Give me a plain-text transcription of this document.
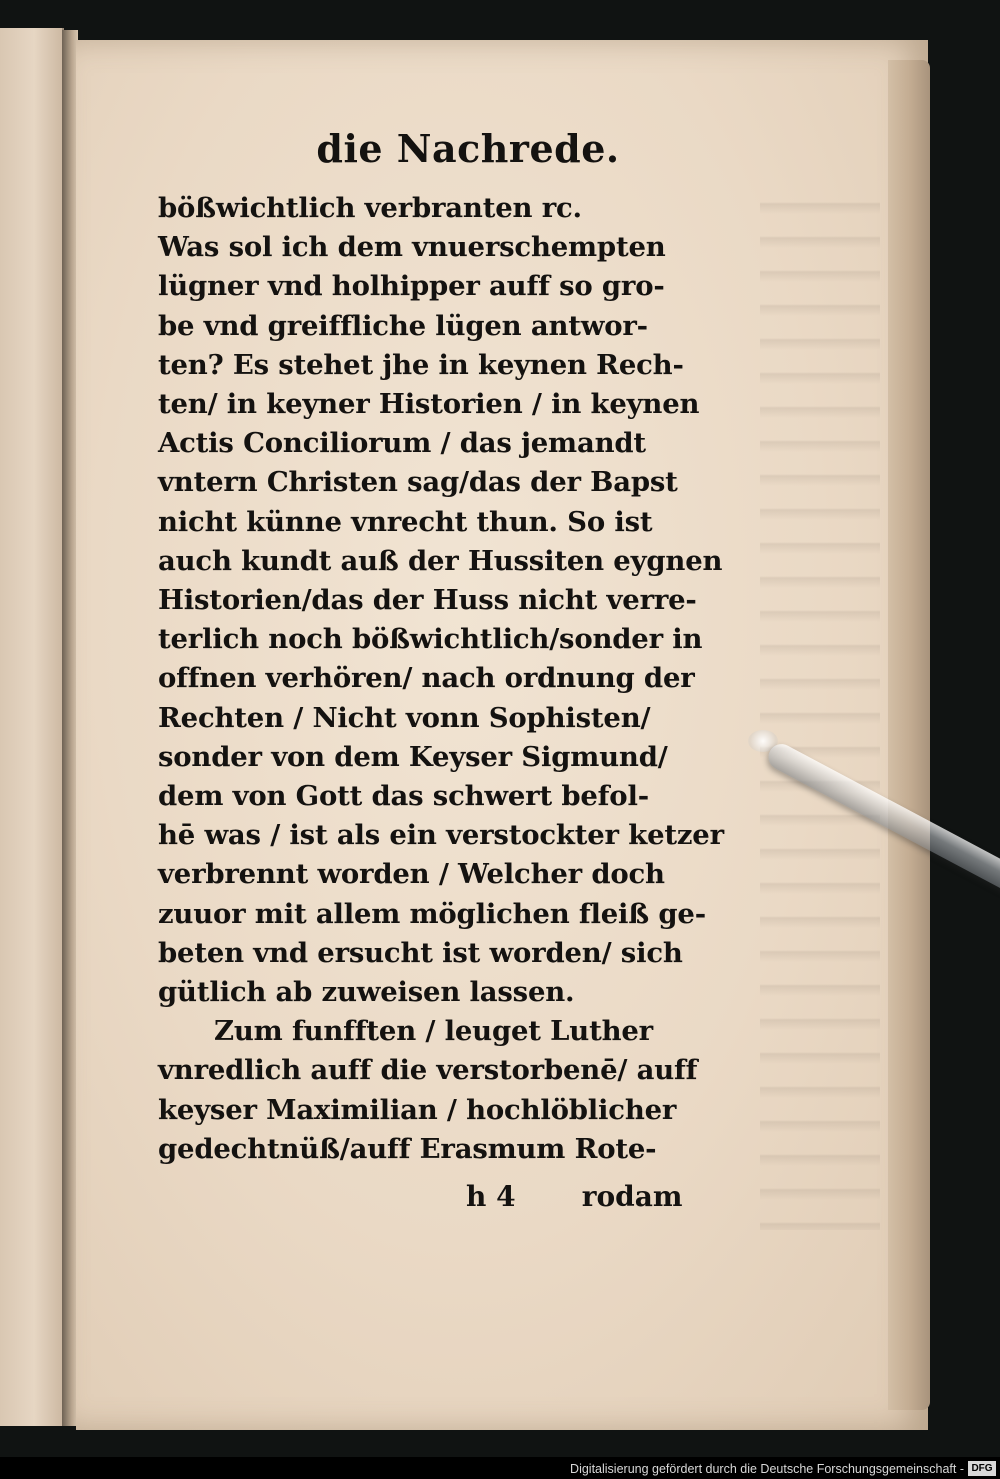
die Nachrede.
bößwichtlich verbranten rc.
Was sol ich dem vnuerschempten
lügner vnd holhipper auff so gro-
be vnd greiffliche lügen antwor-
ten? Es stehet jhe in keynen Rech-
ten/ in keyner Historien / in keynen
Actis Conciliorum / das jemandt
vntern Christen sag/das der Bapst
nicht künne vnrecht thun. So ist
auch kundt auß der Hussiten eygnen
Historien/das der Huss nicht verre-
terlich noch bößwichtlich/sonder in
offnen verhören/ nach ordnung der
Rechten / Nicht vonn Sophisten/
sonder von dem Keyser Sigmund/
dem von Gott das schwert befol-
hē was / ist als ein verstockter ketzer
verbrennt worden / Welcher doch
zuuor mit allem möglichen fleiß ge-
beten vnd ersucht ist worden/ sich
gütlich ab zuweisen lassen.
Zum funfften / leuget Luther
vnredlich auff die verstorbenē/ auff
keyser Maximilian / hochlöblicher
gedechtnüß/auff Erasmum Rote-
h 4 rodam
Digitalisierung gefördert durch die Deutsche Forschungsgemeinschaft - DFG
